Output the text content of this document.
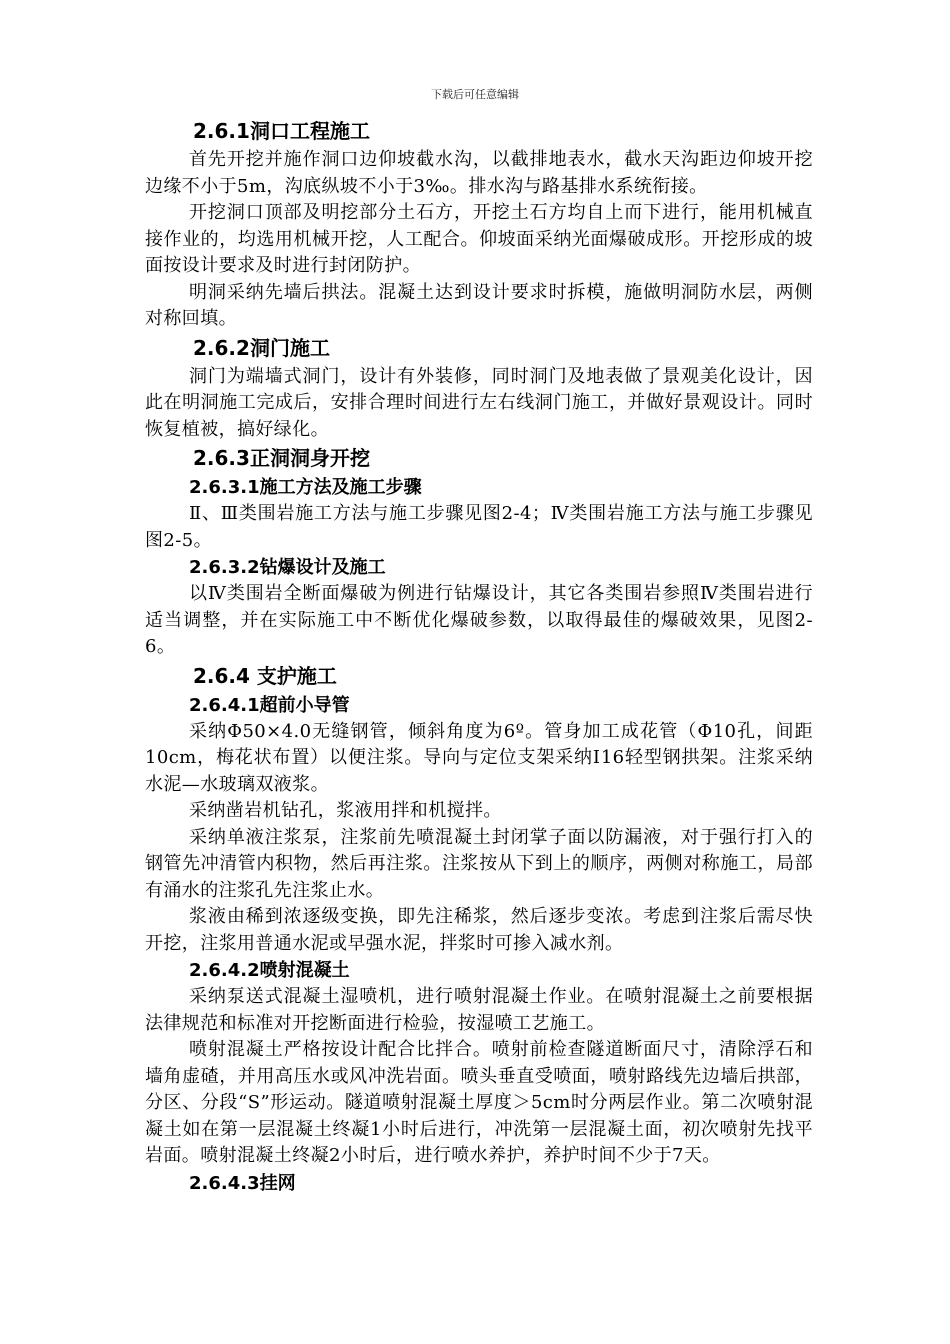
下载后可任意编辑
2.6.1洞口工程施工

首先开挖并施作洞口边仰坡截水沟，以截排地表水，截水天沟距边仰坡开挖边缘不小于5m，沟底纵坡不小于3‰。排水沟与路基排水系统衔接。

开挖洞口顶部及明挖部分土石方，开挖土石方均自上而下进行，能用机械直接作业的，均选用机械开挖，人工配合。仰坡面采纳光面爆破成形。开挖形成的坡面按设计要求及时进行封闭防护。

明洞采纳先墙后拱法。混凝土达到设计要求时拆模，施做明洞防水层，两侧对称回填。

2.6.2洞门施工

洞门为端墙式洞门，设计有外装修，同时洞门及地表做了景观美化设计，因此在明洞施工完成后，安排合理时间进行左右线洞门施工，并做好景观设计。同时恢复植被，搞好绿化。

2.6.3正洞洞身开挖
2.6.3.1施工方法及施工步骤

Ⅱ、Ⅲ类围岩施工方法与施工步骤见图2-4；Ⅳ类围岩施工方法与施工步骤见图2-5。

2.6.3.2钻爆设计及施工

以Ⅳ类围岩全断面爆破为例进行钻爆设计，其它各类围岩参照Ⅳ类围岩进行适当调整，并在实际施工中不断优化爆破参数，以取得最佳的爆破效果，见图2-6。

2.6.4 支护施工
2.6.4.1超前小导管

采纳Φ50×4.0无缝钢管，倾斜角度为6º。管身加工成花管（Φ10孔，间距10cm，梅花状布置）以便注浆。导向与定位支架采纳Ⅰ16轻型钢拱架。注浆采纳水泥—水玻璃双液浆。

采纳凿岩机钻孔，浆液用拌和机搅拌。

采纳单液注浆泵，注浆前先喷混凝土封闭掌子面以防漏液，对于强行打入的钢管先冲清管内积物，然后再注浆。注浆按从下到上的顺序，两侧对称施工，局部有涌水的注浆孔先注浆止水。

浆液由稀到浓逐级变换，即先注稀浆，然后逐步变浓。考虑到注浆后需尽快开挖，注浆用普通水泥或早强水泥，拌浆时可掺入减水剂。

2.6.4.2喷射混凝土

采纳泵送式混凝土湿喷机，进行喷射混凝土作业。在喷射混凝土之前要根据法律规范和标准对开挖断面进行检验，按湿喷工艺施工。

喷射混凝土严格按设计配合比拌合。喷射前检查隧道断面尺寸，清除浮石和墙角虚碴，并用高压水或风冲洗岩面。喷头垂直受喷面，喷射路线先边墙后拱部，分区、分段“S”形运动。隧道喷射混凝土厚度＞5cm时分两层作业。第二次喷射混凝土如在第一层混凝土终凝1小时后进行，冲洗第一层混凝土面，初次喷射先找平岩面。喷射混凝土终凝2小时后，进行喷水养护，养护时间不少于7天。

2.6.4.3挂网
